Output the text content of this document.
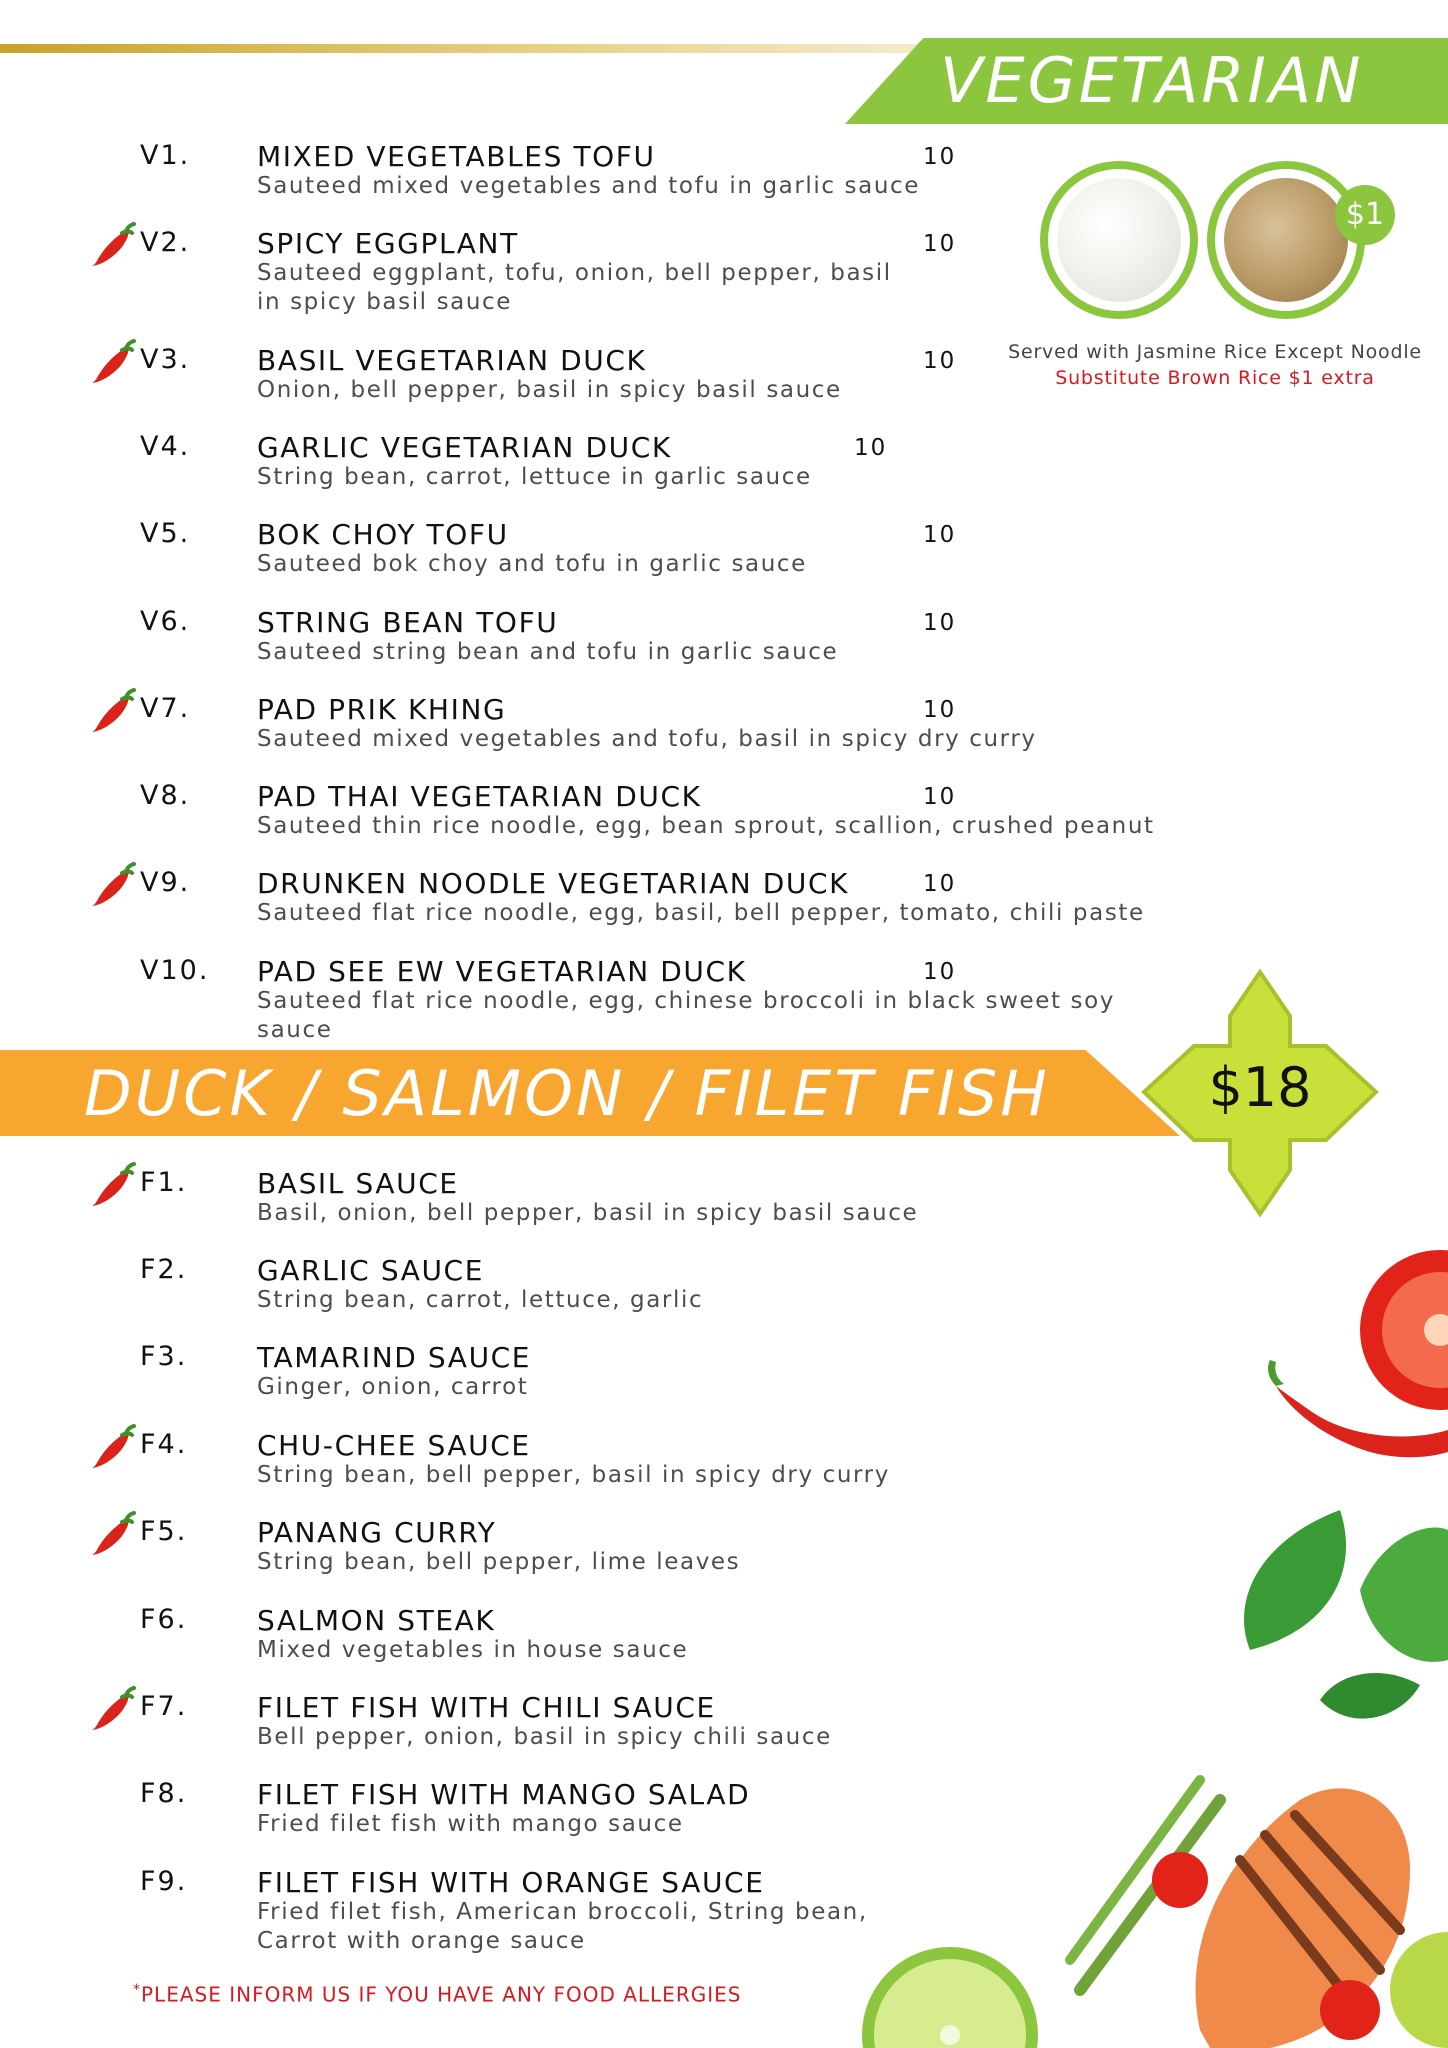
VEGETARIAN
V1. MIXED VEGETABLES TOFU	10
Sauteed mixed vegetables and tofu in garlic sauce
V2. SPICY EGGPLANT	10
Sauteed eggplant, tofu, onion, bell pepper, basil in spicy basil sauce
V3. BASIL VEGETARIAN DUCK	10
Onion, bell pepper, basil in spicy basil sauce
V4. GARLIC VEGETARIAN DUCK	10
String bean, carrot, lettuce in garlic sauce
V5. BOK CHOY TOFU	10
Sauteed bok choy and tofu in garlic sauce
V6. STRING BEAN TOFU	10
Sauteed string bean and tofu in garlic sauce
V7. PAD PRIK KHING	10
Sauteed mixed vegetables and tofu, basil in spicy dry curry
V8. PAD THAI VEGETARIAN DUCK	10
Sauteed thin rice noodle, egg, bean sprout, scallion, crushed peanut
V9. DRUNKEN NOODLE VEGETARIAN DUCK	10
Sauteed flat rice noodle, egg, basil, bell pepper, tomato, chili paste
V10. PAD SEE EW VEGETARIAN DUCK	10
Sauteed flat rice noodle, egg, chinese broccoli in black sweet soy sauce
$1
Served with Jasmine Rice Except Noodle
Substitute Brown Rice $1 extra
DUCK / SALMON / FILET FISH	$18
F1. BASIL SAUCE
Basil, onion, bell pepper, basil in spicy basil sauce
F2. GARLIC SAUCE
String bean, carrot, lettuce, garlic
F3. TAMARIND SAUCE
Ginger, onion, carrot
F4. CHU-CHEE SAUCE
String bean, bell pepper, basil in spicy dry curry
F5. PANANG CURRY
String bean, bell pepper, lime leaves
F6. SALMON STEAK
Mixed vegetables in house sauce
F7. FILET FISH WITH CHILI SAUCE
Bell pepper, onion, basil in spicy chili sauce
F8. FILET FISH WITH MANGO SALAD
Fried filet fish with mango sauce
F9. FILET FISH WITH ORANGE SAUCE
Fried filet fish, American broccoli, String bean, Carrot with orange sauce
*PLEASE INFORM US IF YOU HAVE ANY FOOD ALLERGIES
